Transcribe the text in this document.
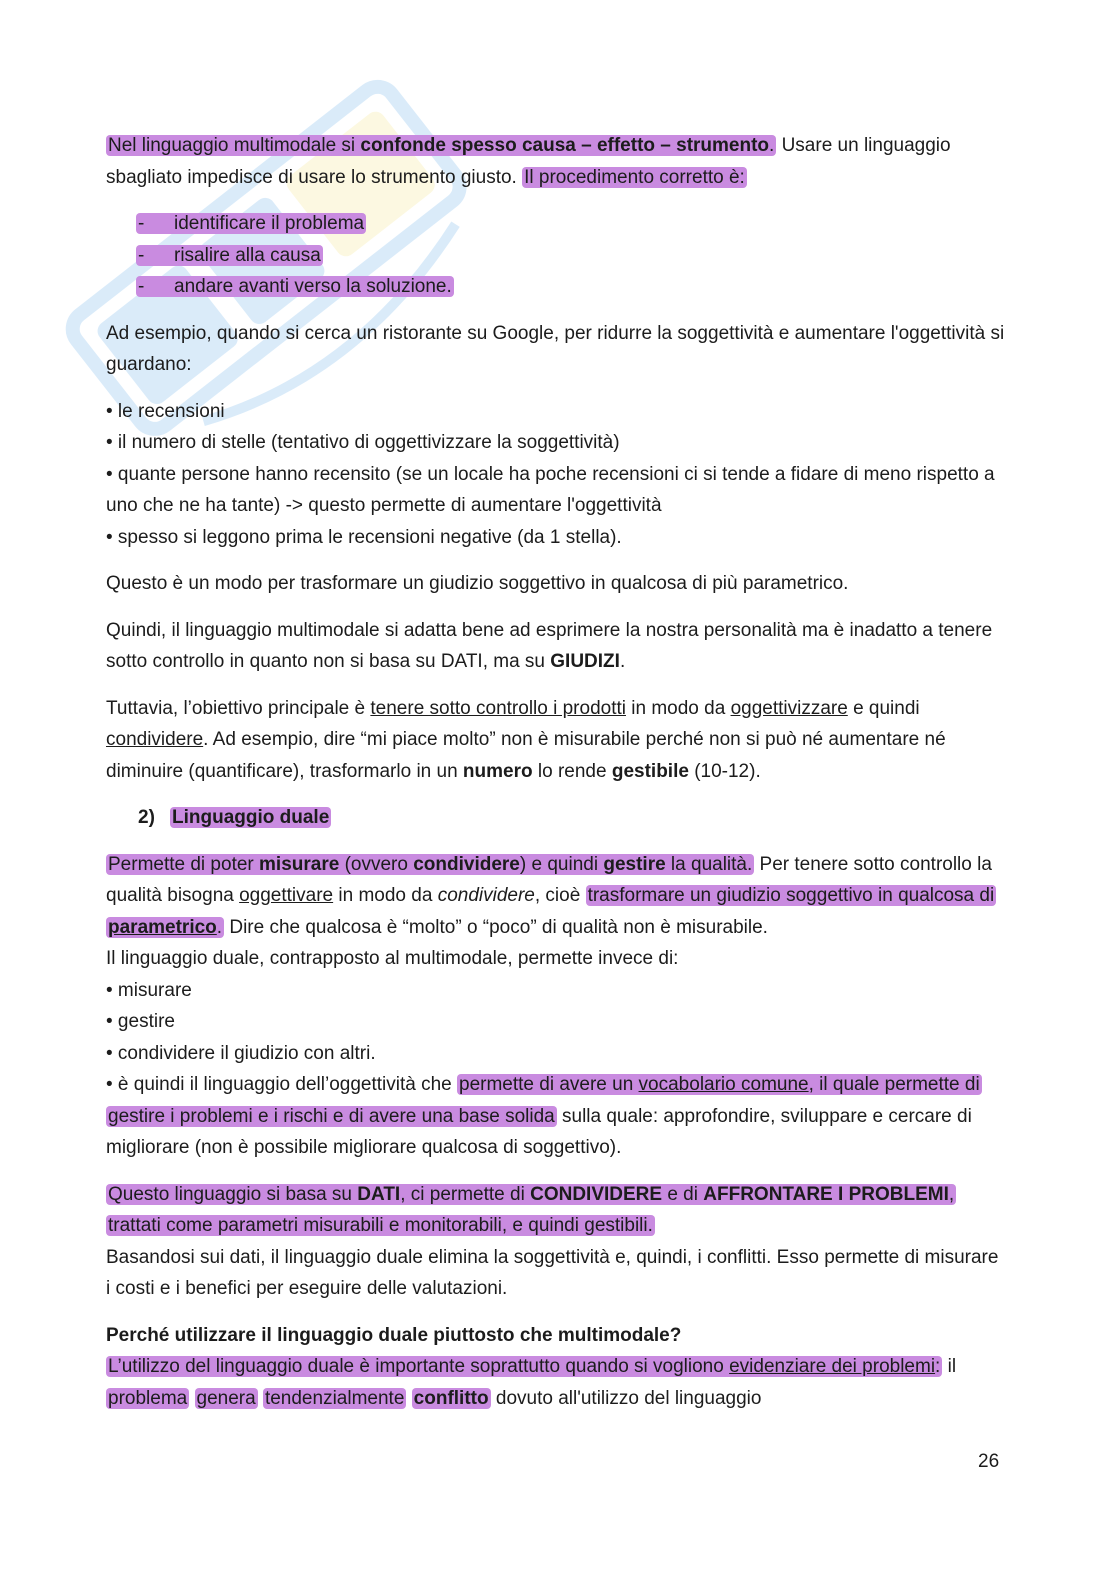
Nel linguaggio multimodale si confonde spesso causa – effetto – strumento. Usare un linguaggio sbagliato impedisce di usare lo strumento giusto. Il procedimento corretto è:

- identificare il problema
- risalire alla causa
- andare avanti verso la soluzione.

Ad esempio, quando si cerca un ristorante su Google, per ridurre la soggettività e aumentare l'oggettività si guardano:

• le recensioni
• il numero di stelle (tentativo di oggettivizzare la soggettività)
• quante persone hanno recensito (se un locale ha poche recensioni ci si tende a fidare di meno rispetto a uno che ne ha tante) -> questo permette di aumentare l'oggettività
• spesso si leggono prima le recensioni negative (da 1 stella).

Questo è un modo per trasformare un giudizio soggettivo in qualcosa di più parametrico.

Quindi, il linguaggio multimodale si adatta bene ad esprimere la nostra personalità ma è inadatto a tenere sotto controllo in quanto non si basa su DATI, ma su GIUDIZI.

Tuttavia, l’obiettivo principale è tenere sotto controllo i prodotti in modo da oggettivizzare e quindi condividere. Ad esempio, dire “mi piace molto” non è misurabile perché non si può né aumentare né diminuire (quantificare), trasformarlo in un numero lo rende gestibile (10-12).

2) Linguaggio duale

Permette di poter misurare (ovvero condividere) e quindi gestire la qualità. Per tenere sotto controllo la qualità bisogna oggettivare in modo da condividere, cioè trasformare un giudizio soggettivo in qualcosa di parametrico. Dire che qualcosa è “molto” o “poco” di qualità non è misurabile.

Il linguaggio duale, contrapposto al multimodale, permette invece di:
• misurare
• gestire
• condividere il giudizio con altri.
• è quindi il linguaggio dell’oggettività che permette di avere un vocabolario comune, il quale permette di gestire i problemi e i rischi e di avere una base solida sulla quale: approfondire, sviluppare e cercare di migliorare (non è possibile migliorare qualcosa di soggettivo).

Questo linguaggio si basa su DATI, ci permette di CONDIVIDERE e di AFFRONTARE I PROBLEMI, trattati come parametri misurabili e monitorabili, e quindi gestibili.
Basandosi sui dati, il linguaggio duale elimina la soggettività e, quindi, i conflitti. Esso permette di misurare i costi e i benefici per eseguire delle valutazioni.

Perché utilizzare il linguaggio duale piuttosto che multimodale?
L’utilizzo del linguaggio duale è importante soprattutto quando si vogliono evidenziare dei problemi: il problema genera tendenzialmente conflitto dovuto all'utilizzo del linguaggio
26
